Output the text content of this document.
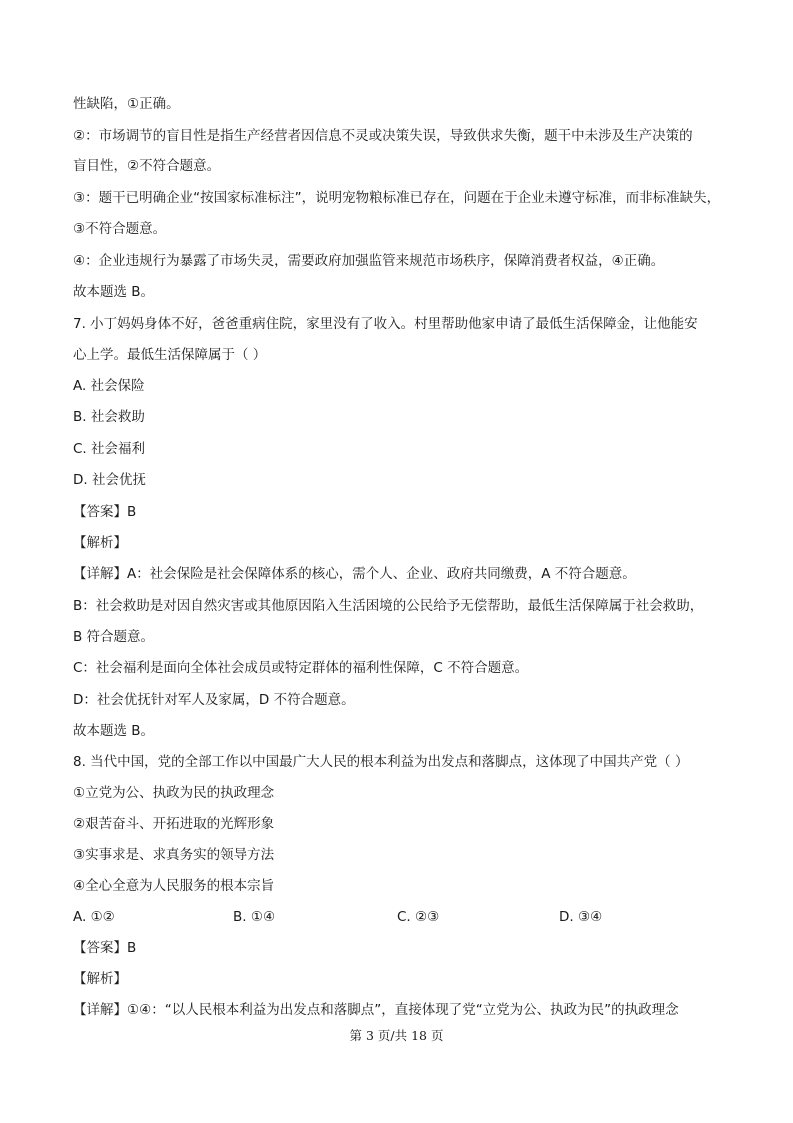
性缺陷，①正确。
②：市场调节的盲目性是指生产经营者因信息不灵或决策失误，导致供求失衡，题干中未涉及生产决策的
盲目性，②不符合题意。
③：题干已明确企业“按国家标准标注”，说明宠物粮标准已存在，问题在于企业未遵守标准，而非标准缺失，
③不符合题意。
④：企业违规行为暴露了市场失灵，需要政府加强监管来规范市场秩序，保障消费者权益，④正确。
故本题选 B。
7. 小丁妈妈身体不好，爸爸重病住院，家里没有了收入。村里帮助他家申请了最低生活保障金，让他能安
心上学。最低生活保障属于（ ）
A. 社会保险
B. 社会救助
C. 社会福利
D. 社会优抚
【答案】B
【解析】
【详解】A：社会保险是社会保障体系的核心，需个人、企业、政府共同缴费，A 不符合题意。
B：社会救助是对因自然灾害或其他原因陷入生活困境的公民给予无偿帮助，最低生活保障属于社会救助，
B 符合题意。
C：社会福利是面向全体社会成员或特定群体的福利性保障，C 不符合题意。
D：社会优抚针对军人及家属，D 不符合题意。
故本题选 B。
8. 当代中国，党的全部工作以中国最广大人民的根本利益为出发点和落脚点，这体现了中国共产党（ ）
①立党为公、执政为民的执政理念
②艰苦奋斗、开拓进取的光辉形象
③实事求是、求真务实的领导方法
④全心全意为人民服务的根本宗旨
A. ①②	B. ①④	C. ②③	D. ③④
【答案】B
【解析】
【详解】①④：“以人民根本利益为出发点和落脚点”，直接体现了党“立党为公、执政为民”的执政理念
第 3 页/共 18 页
